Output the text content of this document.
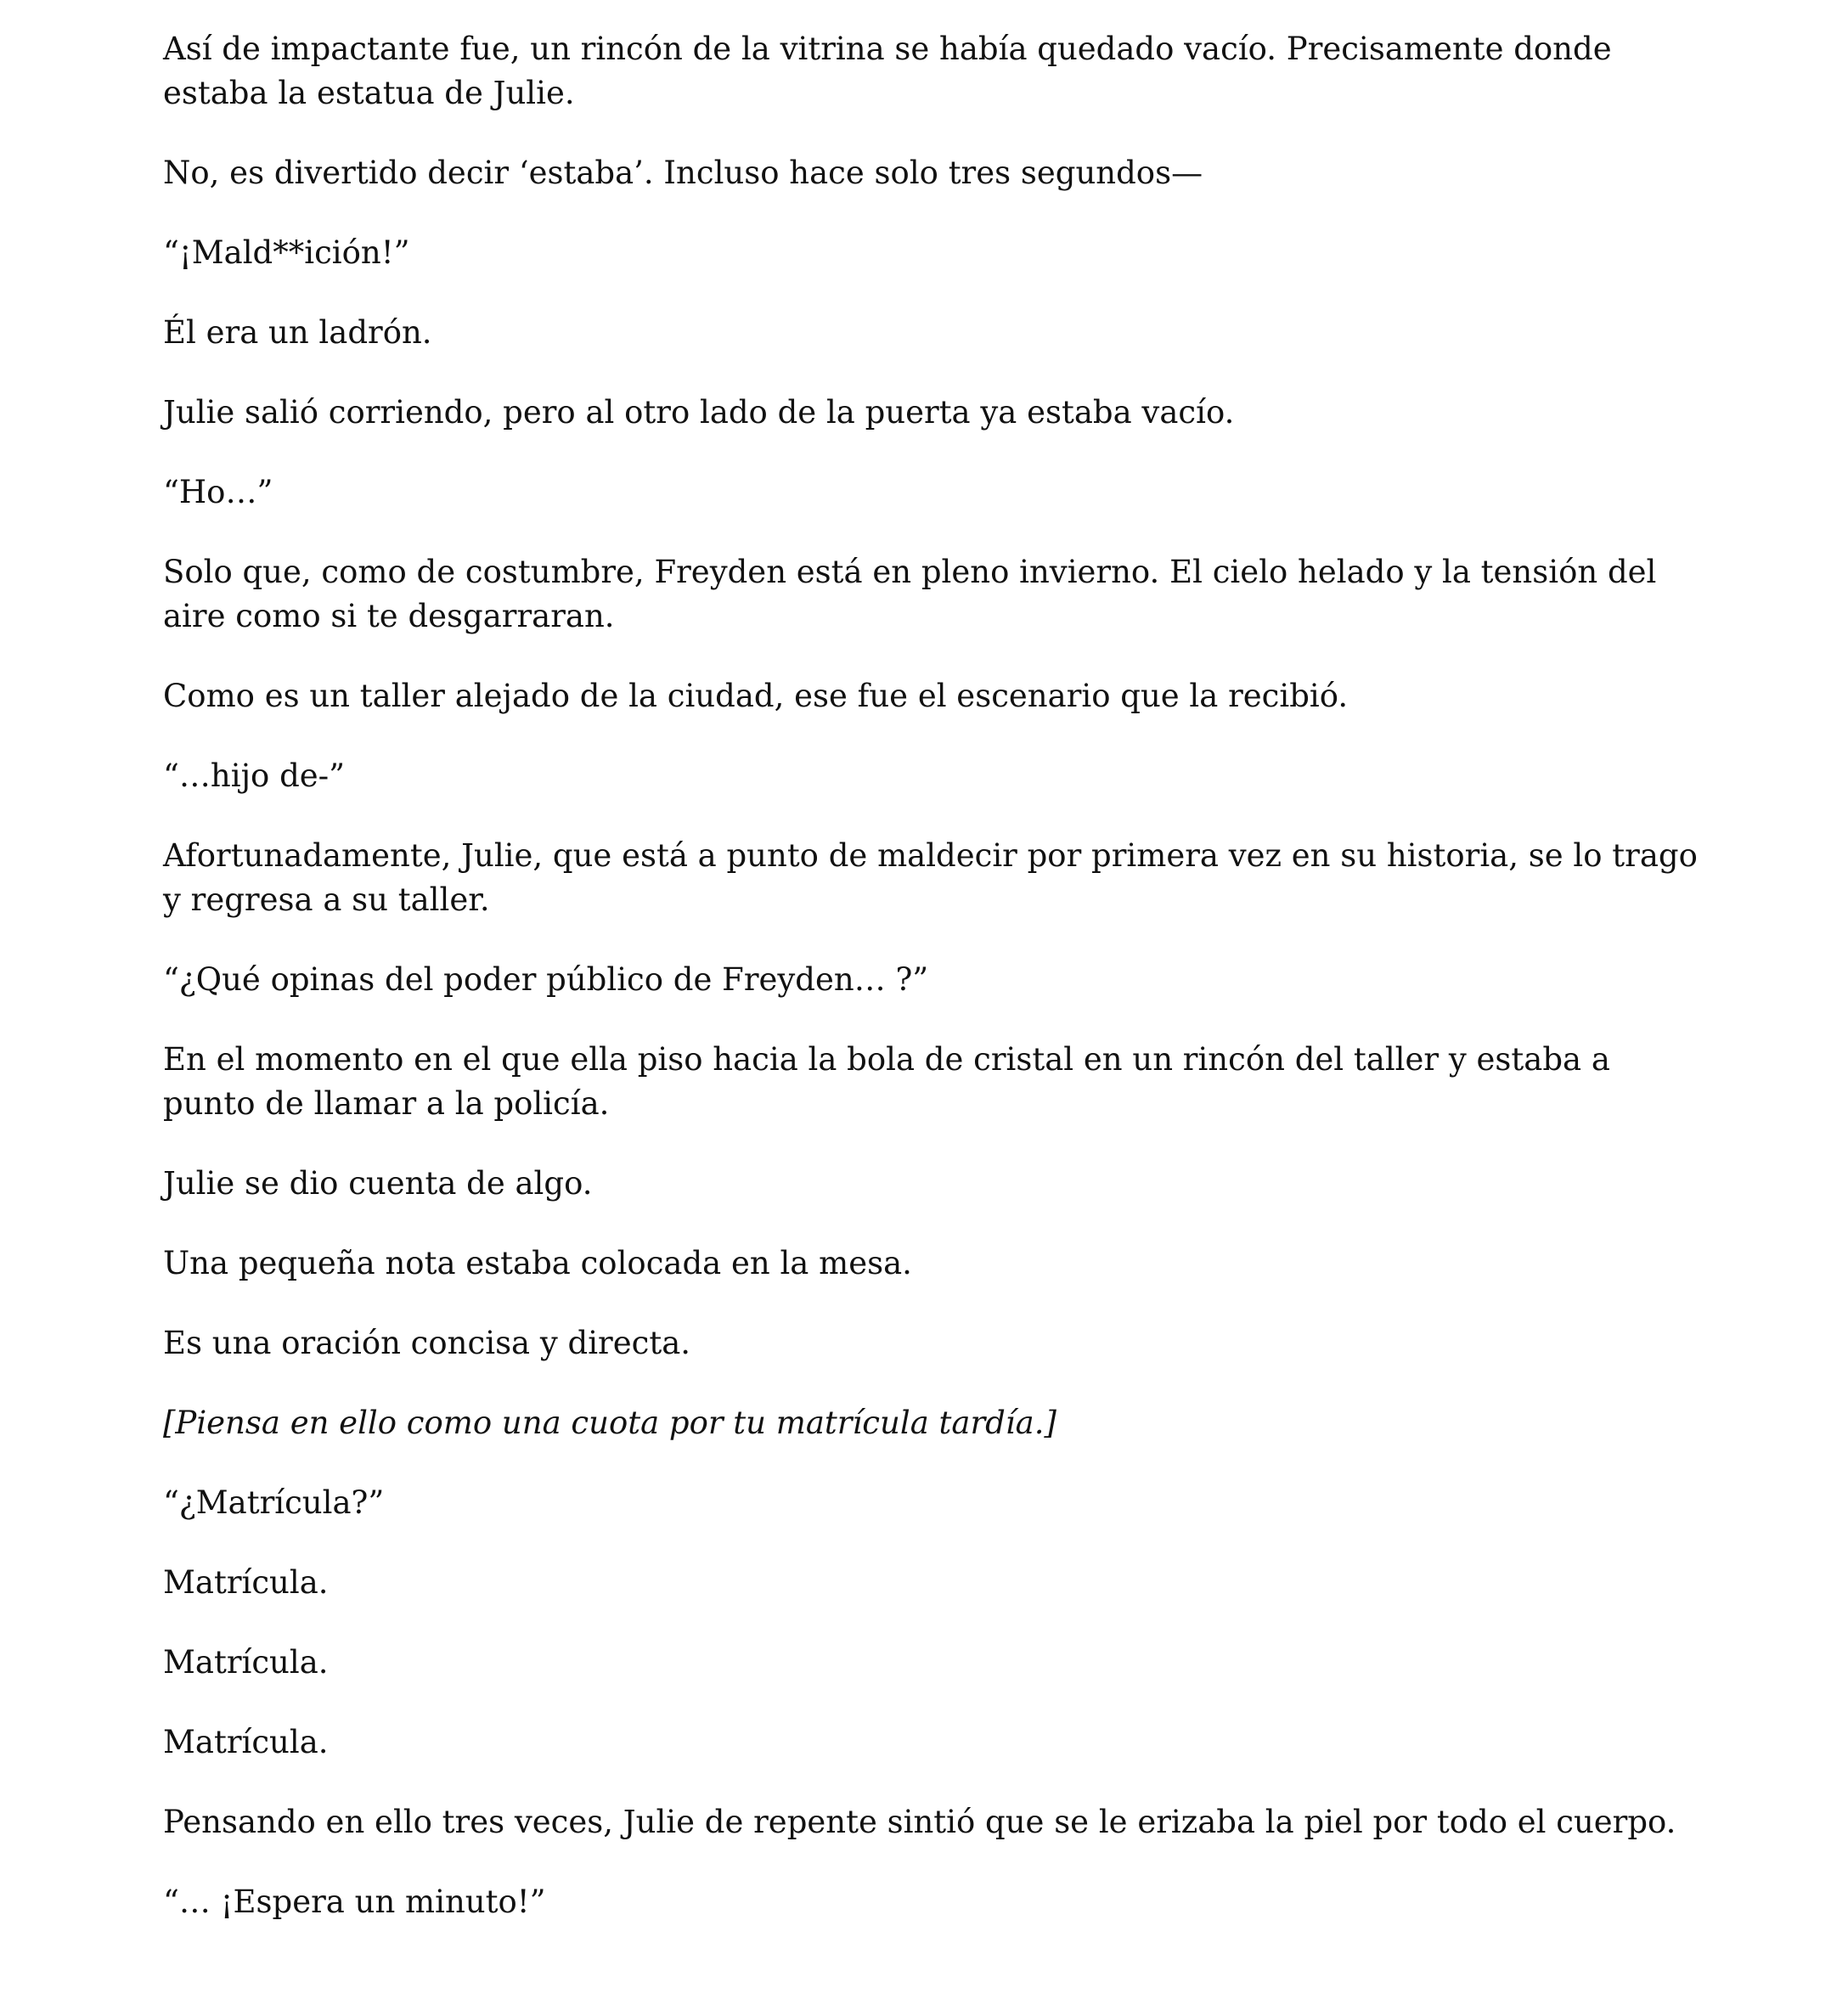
Así de impactante fue, un rincón de la vitrina se había quedado vacío. Precisamente donde estaba la estatua de Julie.

No, es divertido decir ‘estaba’. Incluso hace solo tres segundos—

“¡Mald**ición!”

Él era un ladrón.

Julie salió corriendo, pero al otro lado de la puerta ya estaba vacío.

“Ho…”

Solo que, como de costumbre, Freyden está en pleno invierno. El cielo helado y la tensión del aire como si te desgarraran.

Como es un taller alejado de la ciudad, ese fue el escenario que la recibió.

“…hijo de-”

Afortunadamente, Julie, que está a punto de maldecir por primera vez en su historia, se lo trago y regresa a su taller.

“¿Qué opinas del poder público de Freyden… ?”

En el momento en el que ella piso hacia la bola de cristal en un rincón del taller y estaba a punto de llamar a la policía.

Julie se dio cuenta de algo.

Una pequeña nota estaba colocada en la mesa.

Es una oración concisa y directa.

[Piensa en ello como una cuota por tu matrícula tardía.]

“¿Matrícula?”

Matrícula.

Matrícula.

Matrícula.

Pensando en ello tres veces, Julie de repente sintió que se le erizaba la piel por todo el cuerpo.

“… ¡Espera un minuto!”
